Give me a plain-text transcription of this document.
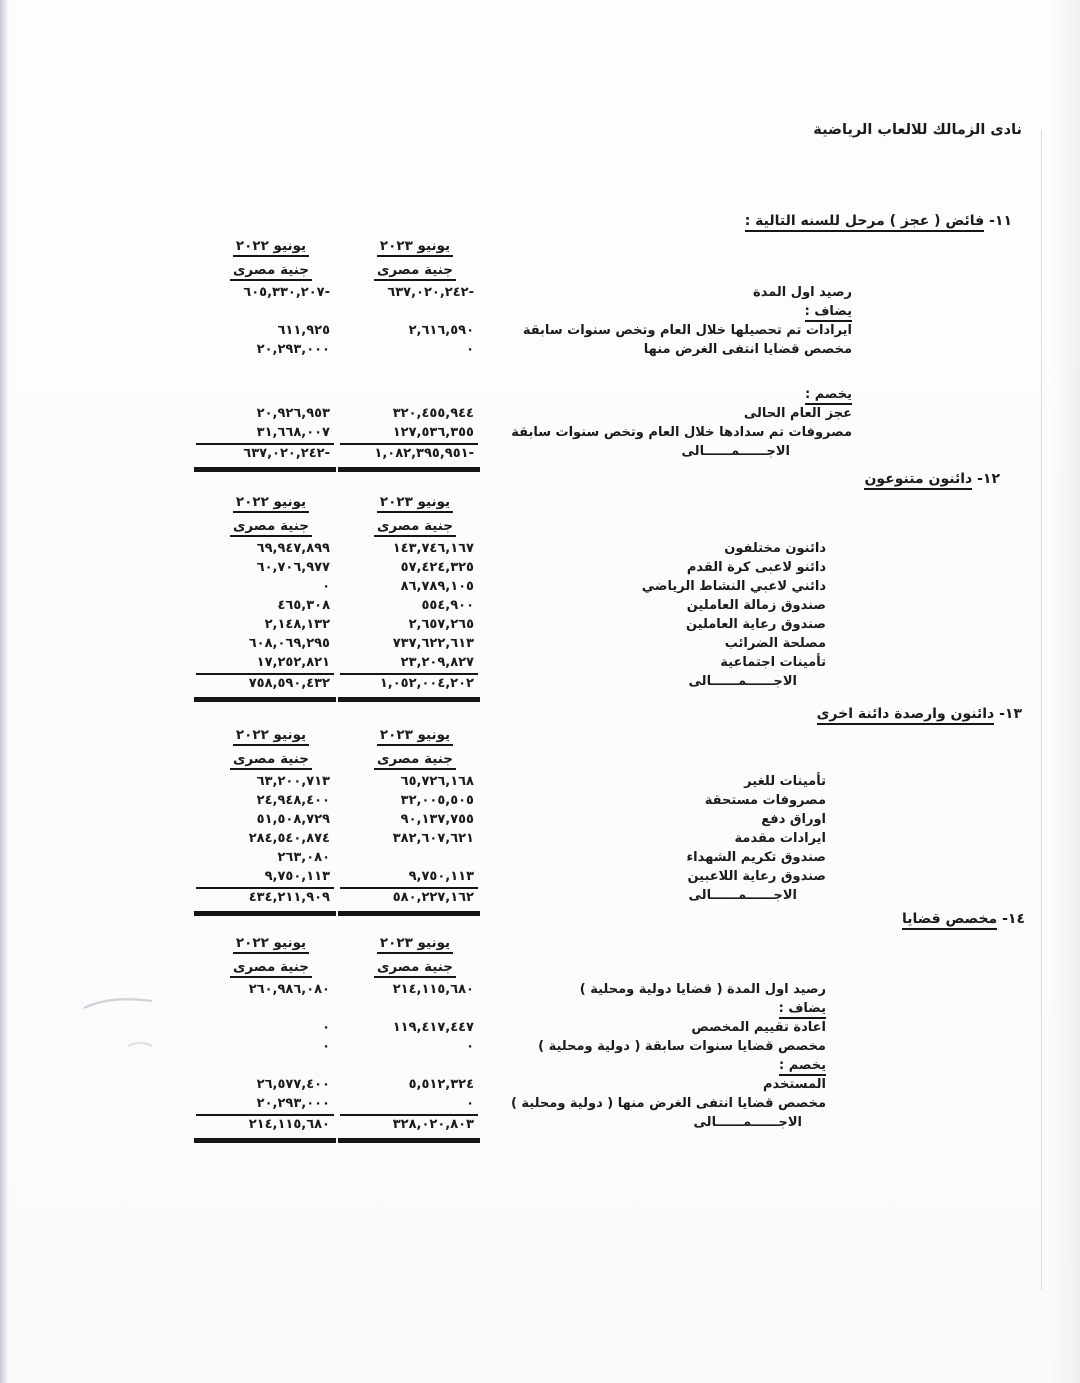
نادى الزمالك للالعاب الرياضية
١١- فائض ( عجز ) مرحل للسنه التالية :
يونيو ٢٠٢٣
يونيو ٢٠٢٢
جنية مصرى
جنية مصرى
رصيد اول المدة
٦٣٧,٠٢٠,٢٤٢-
٦٠٥,٣٣٠,٢٠٧-
يضاف :
ايرادات تم تحصيلها خلال العام وتخص سنوات سابقة
٢,٦١٦,٥٩٠
٦١١,٩٢٥
مخصص قضايا انتفى الغرض منها
٠
٢٠,٢٩٣,٠٠٠
يخصم :
عجز العام الحالى
٣٢٠,٤٥٥,٩٤٤
٢٠,٩٢٦,٩٥٣
مصروفات تم سدادها خلال العام وتخص سنوات سابقة
١٢٧,٥٣٦,٣٥٥
٣١,٦٦٨,٠٠٧
الاجــــــمــــــالى
١,٠٨٢,٣٩٥,٩٥١-
٦٣٧,٠٢٠,٢٤٢-
١٢- دائنون متنوعون
يونيو ٢٠٢٣
يونيو ٢٠٢٢
جنية مصرى
جنية مصرى
دائنون مختلفون
١٤٣,٧٤٦,١٦٧
٦٩,٩٤٧,٨٩٩
دائنو لاعبى كرة القدم
٥٧,٤٢٤,٣٢٥
٦٠,٧٠٦,٩٧٧
دائني لاعبي النشاط الرياضي
٨٦,٧٨٩,١٠٥
٠
صندوق زمالة العاملين
٥٥٤,٩٠٠
٤٦٥,٣٠٨
صندوق رعاية العاملين
٢,٦٥٧,٢٦٥
٢,١٤٨,١٣٢
مصلحة الضرائب
٧٣٧,٦٢٢,٦١٣
٦٠٨,٠٦٩,٢٩٥
تأمينات اجتماعية
٢٣,٢٠٩,٨٢٧
١٧,٢٥٢,٨٢١
الاجــــــمــــــالى
١,٠٥٢,٠٠٤,٢٠٢
٧٥٨,٥٩٠,٤٣٢
١٣- دائنون وارصدة دائنة اخرى
يونيو ٢٠٢٣
يونيو ٢٠٢٢
جنية مصرى
جنية مصرى
تأمينات للغير
٦٥,٧٢٦,١٦٨
٦٣,٢٠٠,٧١٣
مصروفات مستحقة
٣٢,٠٠٥,٥٠٥
٢٤,٩٤٨,٤٠٠
اوراق دفع
٩٠,١٣٧,٧٥٥
٥١,٥٠٨,٧٢٩
ايرادات مقدمة
٣٨٢,٦٠٧,٦٢١
٢٨٤,٥٤٠,٨٧٤
صندوق تكريم الشهداء
٢٦٣,٠٨٠
صندوق رعاية اللاعبين
٩,٧٥٠,١١٣
٩,٧٥٠,١١٣
الاجــــــمــــــالى
٥٨٠,٢٢٧,١٦٢
٤٣٤,٢١١,٩٠٩
١٤- مخصص قضايا
يونيو ٢٠٢٣
يونيو ٢٠٢٢
جنية مصرى
جنية مصرى
رصيد اول المدة ( قضايا دولية ومحلية )
٢١٤,١١٥,٦٨٠
٢٦٠,٩٨٦,٠٨٠
يضاف :
اعادة تقييم المخصص
١١٩,٤١٧,٤٤٧
٠
مخصص قضايا سنوات سابقة ( دولية ومحلية )
٠
٠
يخصم :
المستخدم
٥,٥١٢,٣٢٤
٢٦,٥٧٧,٤٠٠
مخصص قضايا انتفى الغرض منها ( دولية ومحلية )
٠
٢٠,٢٩٣,٠٠٠
الاجــــــمــــــالى
٣٢٨,٠٢٠,٨٠٣
٢١٤,١١٥,٦٨٠
